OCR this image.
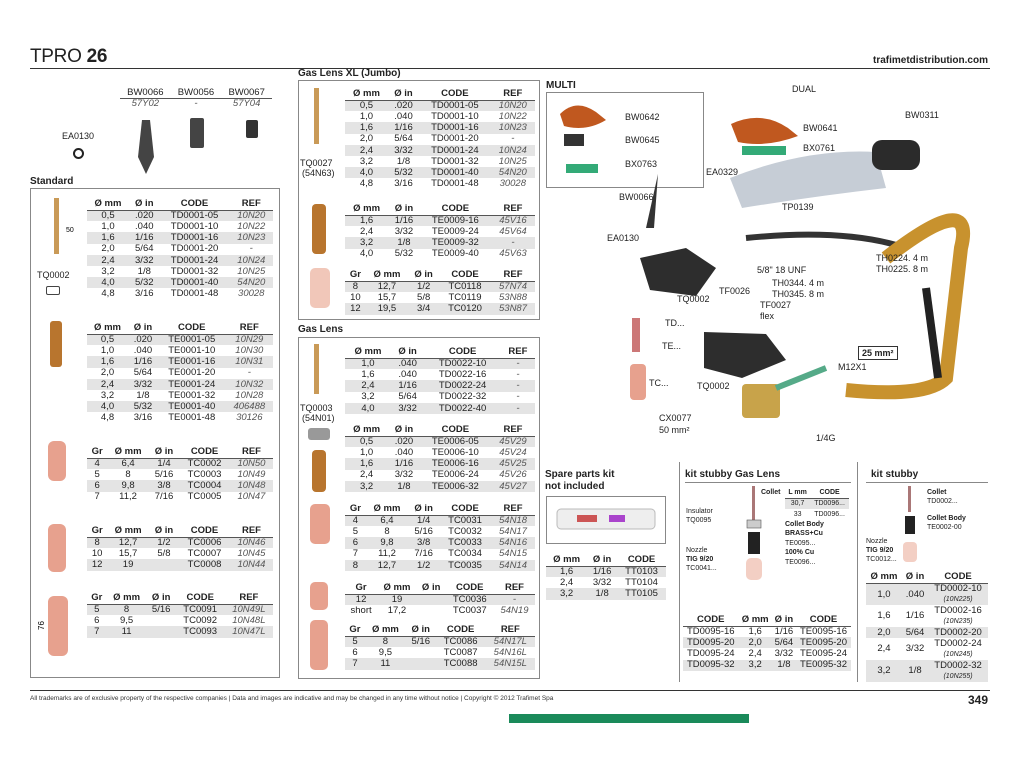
TPRO 26	trafimetdistribution.com
BW0066	BW0056	BW0067
57Y02	-	57Y04
EA0130
Standard
50
76
TQ0002
Ø mm	Ø in	CODE	REF
0,5	.020	TD0001-05	10N20
1,0	.040	TD0001-10	10N22
1,6	1/16	TD0001-16	10N23
2,0	5/64	TD0001-20	-
2,4	3/32	TD0001-24	10N24
3,2	1/8	TD0001-32	10N25
4,0	5/32	TD0001-40	54N20
4,8	3/16	TD0001-48	30028
Ø mm	Ø in	CODE	REF
0,5	.020	TE0001-05	10N29
1,0	.040	TE0001-10	10N30
1,6	1/16	TE0001-16	10N31
2,0	5/64	TE0001-20	-
2,4	3/32	TE0001-24	10N32
3,2	1/8	TE0001-32	10N28
4,0	5/32	TE0001-40	406488
4,8	3/16	TE0001-48	30126
Gr	Ø mm	Ø in	CODE	REF
4	6,4	1/4	TC0002	10N50
5	8	5/16	TC0003	10N49
6	9,8	3/8	TC0004	10N48
7	11,2	7/16	TC0005	10N47
Gr	Ø mm	Ø in	CODE	REF
8	12,7	1/2	TC0006	10N46
10	15,7	5/8	TC0007	10N45
12	19		TC0008	10N44
Gr	Ø mm	Ø in	CODE	REF
5	8	5/16	TC0091	10N49L
6	9,5		TC0092	10N48L
7	11		TC0093	10N47L
Gas Lens XL (Jumbo)
TQ0027
(54N63)
Ø mm	Ø in	CODE	REF
0,5	.020	TD0001-05	10N20
1,0	.040	TD0001-10	10N22
1,6	1/16	TD0001-16	10N23
2,0	5/64	TD0001-20	-
2,4	3/32	TD0001-24	10N24
3,2	1/8	TD0001-32	10N25
4,0	5/32	TD0001-40	54N20
4,8	3/16	TD0001-48	30028
Ø mm	Ø in	CODE	REF
1,6	1/16	TE0009-16	45V16
2,4	3/32	TE0009-24	45V64
3,2	1/8	TE0009-32	-
4,0	5/32	TE0009-40	45V63
Gr	Ø mm	Ø in	CODE	REF
8	12,7	1/2	TC0118	57N74
10	15,7	5/8	TC0119	53N88
12	19,5	3/4	TC0120	53N87
Gas Lens
TQ0003
(54N01)
Ø mm	Ø in	CODE	REF
1,0	.040	TD0022-10	-
1,6	.040	TD0022-16	-
2,4	1/16	TD0022-24	-
3,2	5/64	TD0022-32	-
4,0	3/32	TD0022-40	-
Ø mm	Ø in	CODE	REF
0,5	.020	TE0006-05	45V29
1,0	.040	TE0006-10	45V24
1,6	1/16	TE0006-16	45V25
2,4	3/32	TE0006-24	45V26
3,2	1/8	TE0006-32	45V27
Gr	Ø mm	Ø in	CODE	REF
4	6,4	1/4	TC0031	54N18
5	8	5/16	TC0032	54N17
6	9,8	3/8	TC0033	54N16
7	11,2	7/16	TC0034	54N15
8	12,7	1/2	TC0035	54N14
Gr	Ø mm	Ø in	CODE	REF
12	19		TC0036	-
short	17,2		TC0037	54N19
Gr	Ø mm	Ø in	CODE	REF
5	8	5/16	TC0086	54N17L
6	9,5		TC0087	54N16L
7	11		TC0088	54N15L
MULTI
BW0642
BW0645
BX0763
DUAL
BW0641
BX0761
BW0311
EA0329
BW0066
EA0130
TP0139
5/8" 18 UNF
TH0224. 4 m
TH0225. 8 m
TH0344. 4 m
TH0345. 8 m
TF0026
TQ0002
TF0027
flex
TD...
TE...
TC...	TQ0002
25 mm²
M12X1
CX0077
50 mm²
1/4G
Spare parts kit
not included
Ø mm	Ø in	CODE
1,6	1/16	TT0103
2,4	3/32	TT0104
3,2	1/8	TT0105
kit stubby Gas Lens
Collet L mm	CODE
30,7	TD0096...
33	TD0096...
Insulator
TQ0095
Collet Body
BRASS+Cu
TE0095...
100% Cu
TE0096...
Nozzle
TIG 9/20
TC0041...
CODE	Ø mm	Ø in	CODE
TD0095-16	1,6	1/16	TE0095-16
TD0095-20	2,0	5/64	TE0095-20
TD0095-24	2,4	3/32	TE0095-24
TD0095-32	3,2	1/8	TE0095-32
kit stubby
Collet
TD0002...
Collet Body
TE0002-00
Nozzle
TIG 9/20
TC0012...
Ø mm	Ø in	CODE
1,0	.040	TD0002-10
(10N225)
1,6	1/16	TD0002-16
(10N235)
2,0	5/64	TD0002-20
2,4	3/32	TD0002-24
(10N245)
3,2	1/8	TD0002-32
(10N255)
All trademarks are of exclusive property of the respective companies | Data and images are indicative and may be changed in any time without notice | Copyright © 2012 Trafimet Spa	349
